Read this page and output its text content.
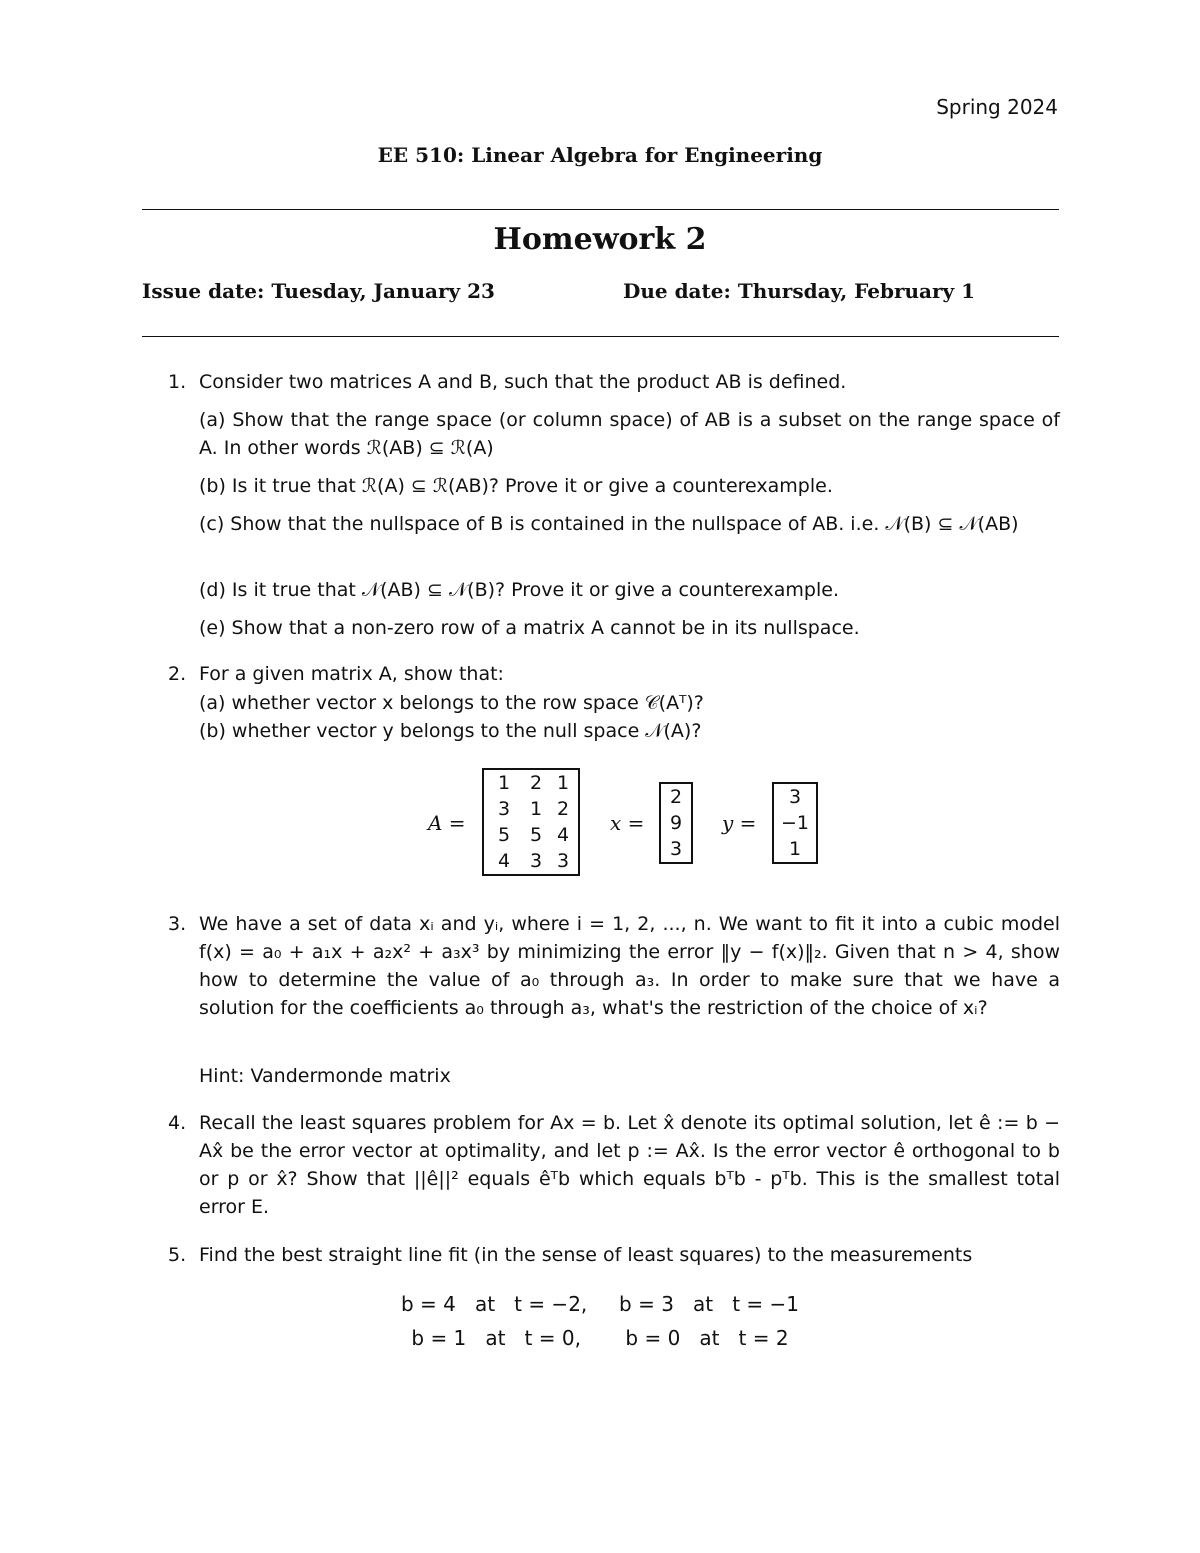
Spring 2024
EE 510: Linear Algebra for Engineering
Homework 2
Issue date: Tuesday, January 23	Due date: Thursday, February 1
1. Consider two matrices A and B, such that the product AB is defined.
(a) Show that the range space (or column space) of AB is a subset on the range space of A. In other words ℛ(AB) ⊆ ℛ(A)
(b) Is it true that ℛ(A) ⊆ ℛ(AB)? Prove it or give a counterexample.
(c) Show that the nullspace of B is contained in the nullspace of AB. i.e. 𝒩(B) ⊆ 𝒩(AB)
(d) Is it true that 𝒩(AB) ⊆ 𝒩(B)? Prove it or give a counterexample.
(e) Show that a non-zero row of a matrix A cannot be in its nullspace.
2. For a given matrix A, show that:
(a) whether vector x belongs to the row space 𝒞(Aᵀ)?
(b) whether vector y belongs to the null space 𝒩(A)?
A =
1	2 1
3	1 2
5	5 4
4	3 3
x =
2
9
3
y =
3
−1
1
3. We have a set of data xᵢ and yᵢ, where i = 1, 2, ..., n. We want to fit it into a cubic model f(x) = a₀ + a₁x + a₂x² + a₃x³ by minimizing the error ‖y − f(x)‖₂. Given that n > 4, show how to determine the value of a₀ through a₃. In order to make sure that we have a solution for the coefficients a₀ through a₃, what's the restriction of the choice of xᵢ?
Hint: Vandermonde matrix
4. Recall the least squares problem for Ax = b. Let x̂ denote its optimal solution, let ê := b − Ax̂ be the error vector at optimality, and let p := Ax̂. Is the error vector ê orthogonal to b or p or x̂? Show that ||ê||² equals êᵀb which equals bᵀb - pᵀb. This is the smallest total error E.
5. Find the best straight line fit (in the sense of least squares) to the measurements
b = 4   at   t = −2,     b = 3   at   t = −1
b = 1   at   t = 0,       b = 0   at   t = 2
